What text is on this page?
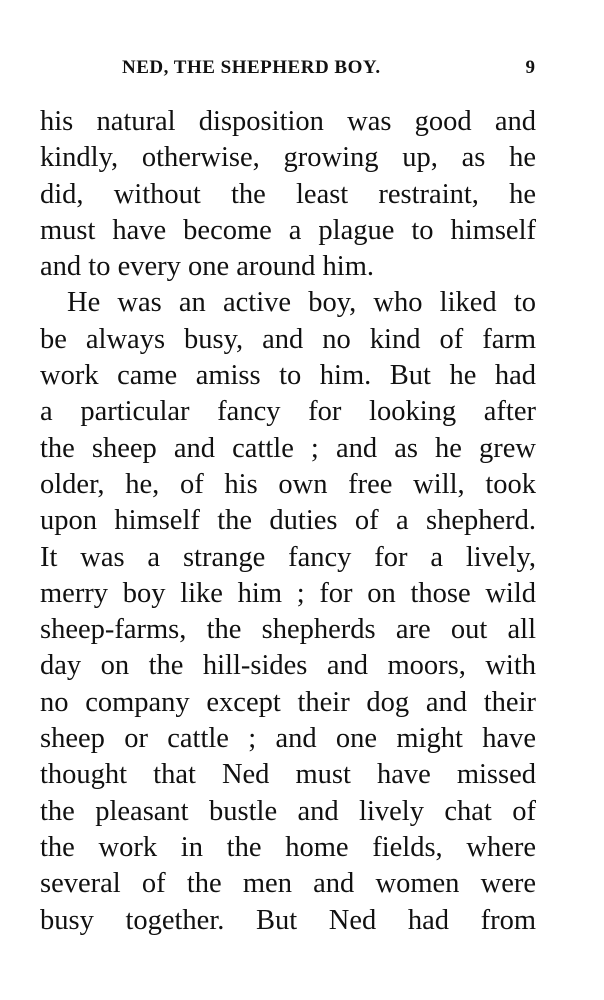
NED, THE SHEPHERD BOY.	9
his natural disposition was good and
kindly, otherwise, growing up, as he
did, without the least restraint, he
must have become a plague to himself
and to every one around him.
He was an active boy, who liked to
be always busy, and no kind of farm
work came amiss to him. But he had
a particular fancy for looking after
the sheep and cattle ; and as he grew
older, he, of his own free will, took
upon himself the duties of a shepherd.
It was a strange fancy for a lively,
merry boy like him ; for on those wild
sheep-farms, the shepherds are out all
day on the hill-sides and moors, with
no company except their dog and their
sheep or cattle ; and one might have
thought that Ned must have missed
the pleasant bustle and lively chat of
the work in the home fields, where
several of the men and women were
busy together. But Ned had from
